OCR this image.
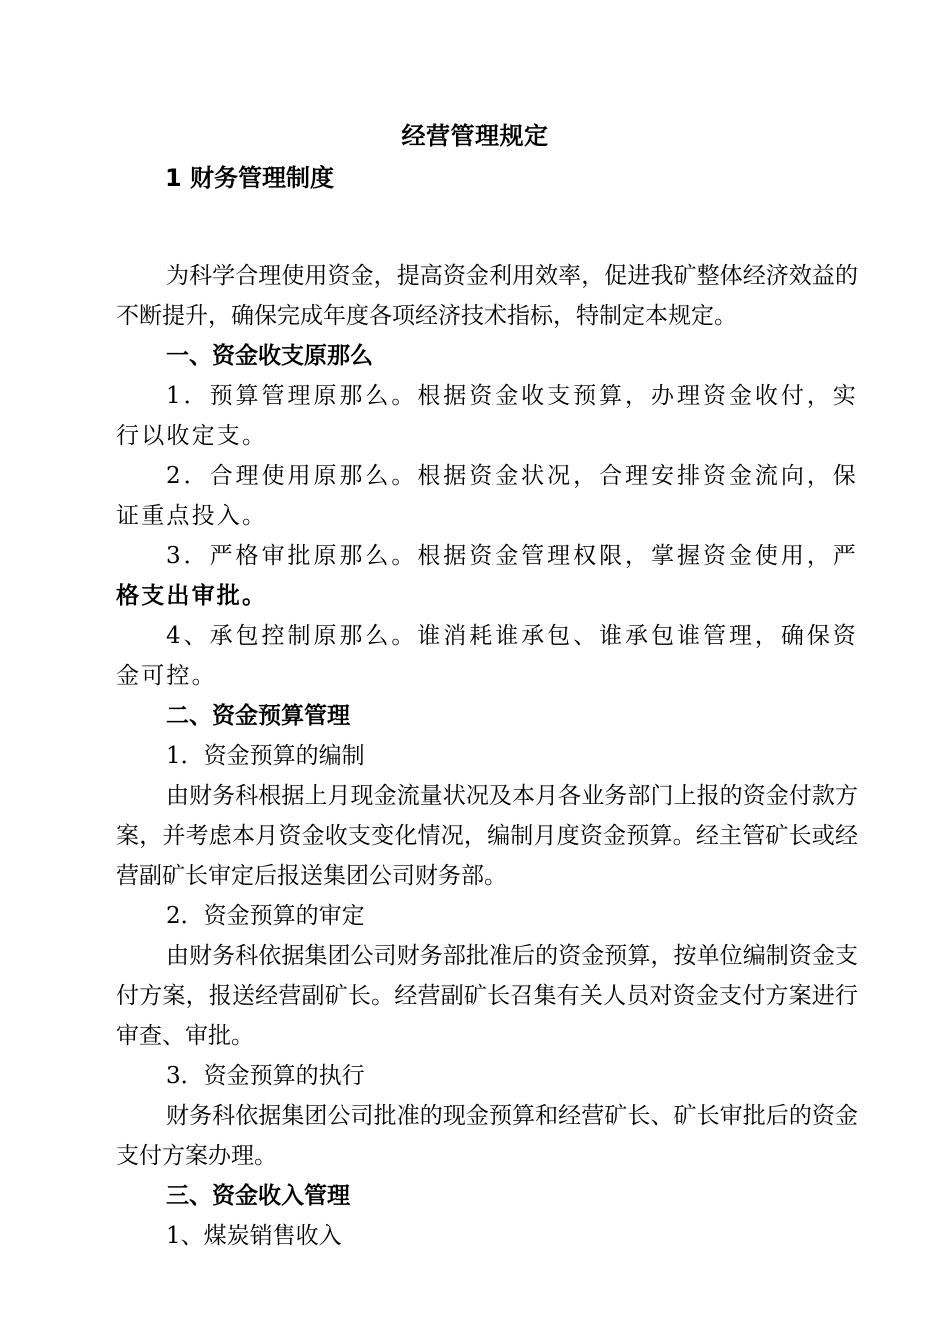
经营管理规定
1 财务管理制度

为科学合理使用资金，提高资金利用效率，促进我矿整体经济效益的不断提升，确保完成年度各项经济技术指标，特制定本规定。

一、资金收支原那么

1．预算管理原那么。根据资金收支预算，办理资金收付，实行以收定支。

2．合理使用原那么。根据资金状况，合理安排资金流向，保证重点投入。

3．严格审批原那么。根据资金管理权限，掌握资金使用，严格支出审批。

4、承包控制原那么。谁消耗谁承包、谁承包谁管理，确保资金可控。

二、资金预算管理

1．资金预算的编制

由财务科根据上月现金流量状况及本月各业务部门上报的资金付款方案，并考虑本月资金收支变化情况，编制月度资金预算。经主管矿长或经营副矿长审定后报送集团公司财务部。

2．资金预算的审定

由财务科依据集团公司财务部批准后的资金预算，按单位编制资金支付方案，报送经营副矿长。经营副矿长召集有关人员对资金支付方案进行审查、审批。

3．资金预算的执行

财务科依据集团公司批准的现金预算和经营矿长、矿长审批后的资金支付方案办理。

三、资金收入管理

1、煤炭销售收入
